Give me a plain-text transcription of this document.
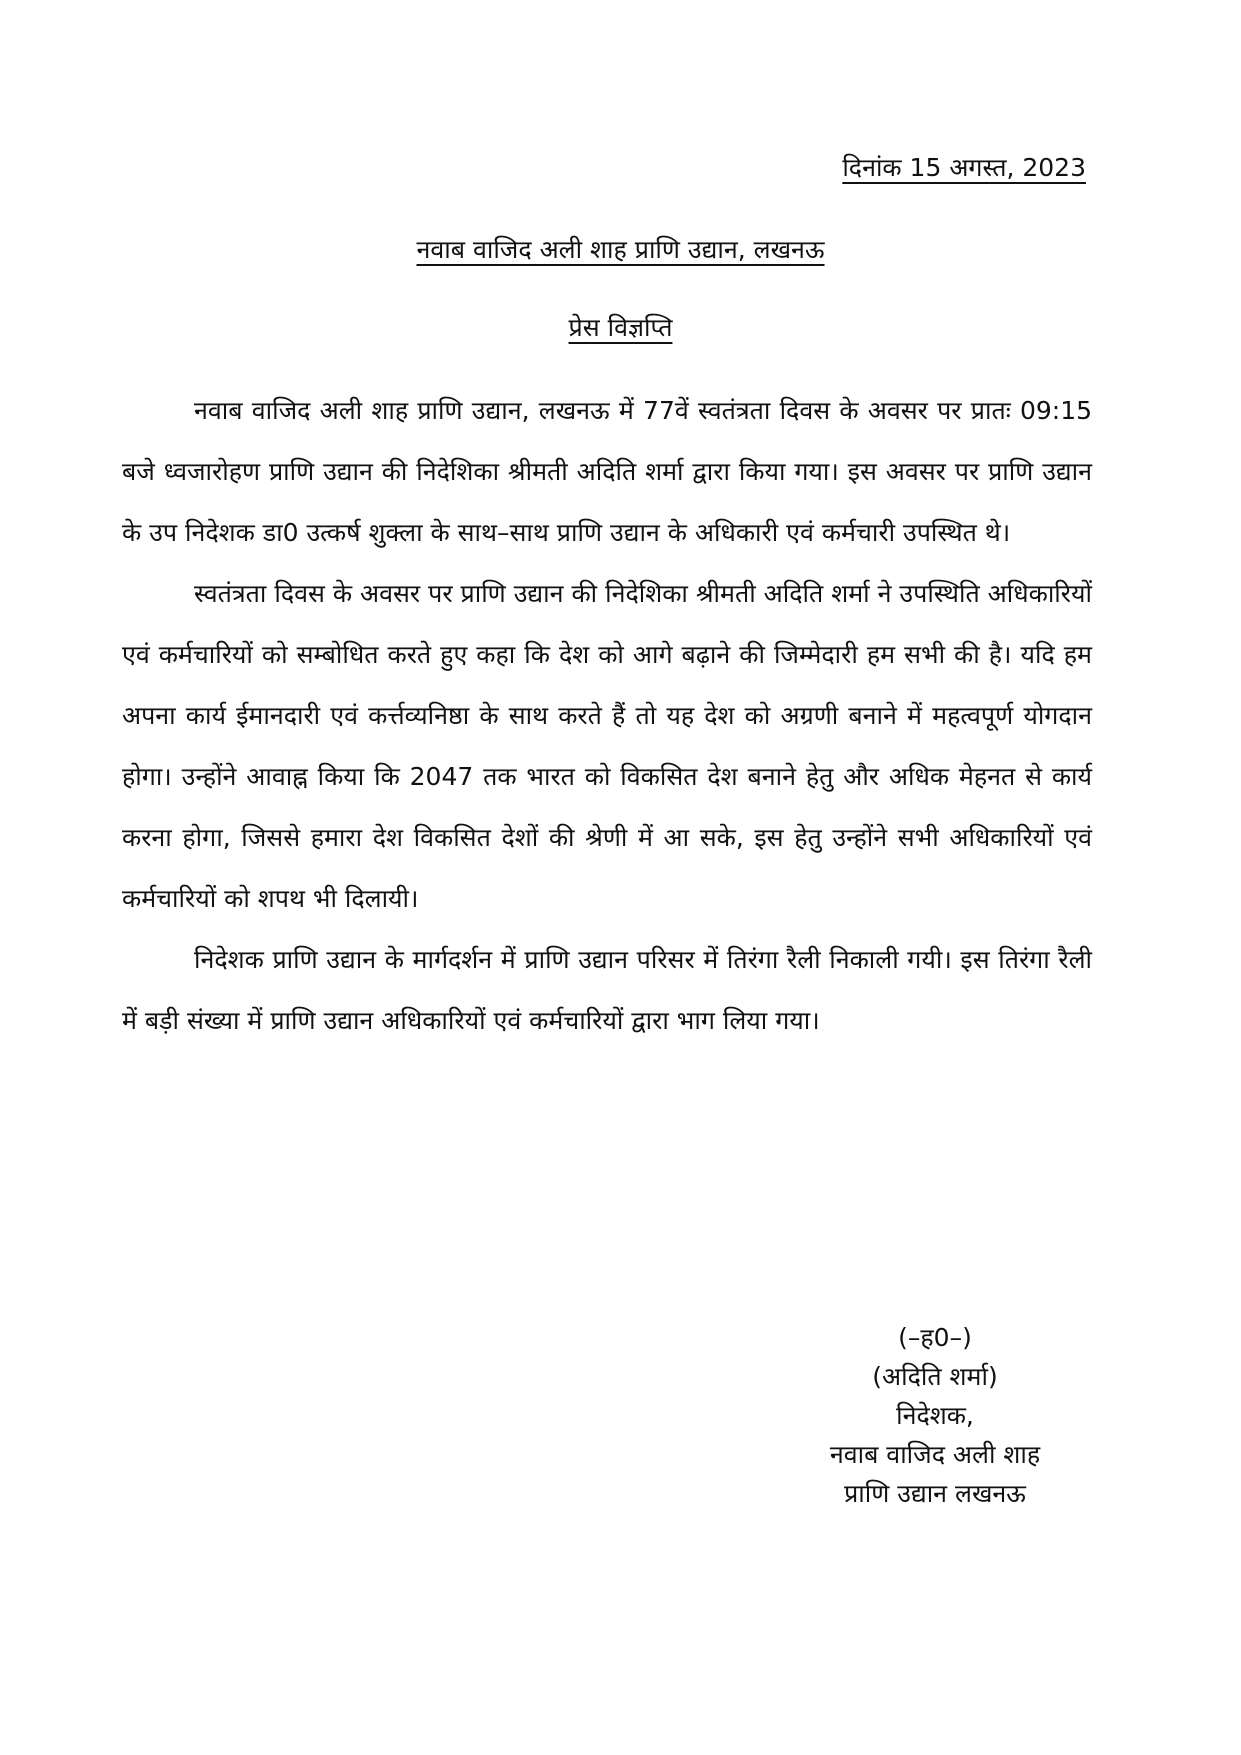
दिनांक 15 अगस्त, 2023
नवाब वाजिद अली शाह प्राणि उद्यान, लखनऊ
प्रेस विज्ञप्ति

नवाब वाजिद अली शाह प्राणि उद्यान, लखनऊ में 77वें स्वतंत्रता दिवस के अवसर पर प्रातः 09:15 बजे ध्वजारोहण प्राणि उद्यान की निदेशिका श्रीमती अदिति शर्मा द्वारा किया गया। इस अवसर पर प्राणि उद्यान के उप निदेशक डा0 उत्कर्ष शुक्ला के साथ–साथ प्राणि उद्यान के अधिकारी एवं कर्मचारी उपस्थित थे।

स्वतंत्रता दिवस के अवसर पर प्राणि उद्यान की निदेशिका श्रीमती अदिति शर्मा ने उपस्थिति अधिकारियों एवं कर्मचारियों को सम्बोधित करते हुए कहा कि देश को आगे बढ़ाने की जिम्मेदारी हम सभी की है। यदि हम अपना कार्य ईमानदारी एवं कर्त्तव्यनिष्ठा के साथ करते हैं तो यह देश को अग्रणी बनाने में महत्वपूर्ण योगदान होगा। उन्होंने आवाह्न किया कि 2047 तक भारत को विकसित देश बनाने हेतु और अधिक मेहनत से कार्य करना होगा, जिससे हमारा देश विकसित देशों की श्रेणी में आ सके, इस हेतु उन्होंने सभी अधिकारियों एवं कर्मचारियों को शपथ भी दिलायी।

निदेशक प्राणि उद्यान के मार्गदर्शन में प्राणि उद्यान परिसर में तिरंगा रैली निकाली गयी। इस तिरंगा रैली में बड़ी संख्या में प्राणि उद्यान अधिकारियों एवं कर्मचारियों द्वारा भाग लिया गया।

(–ह0–)
(अदिति शर्मा)
निदेशक,
नवाब वाजिद अली शाह
प्राणि उद्यान लखनऊ
